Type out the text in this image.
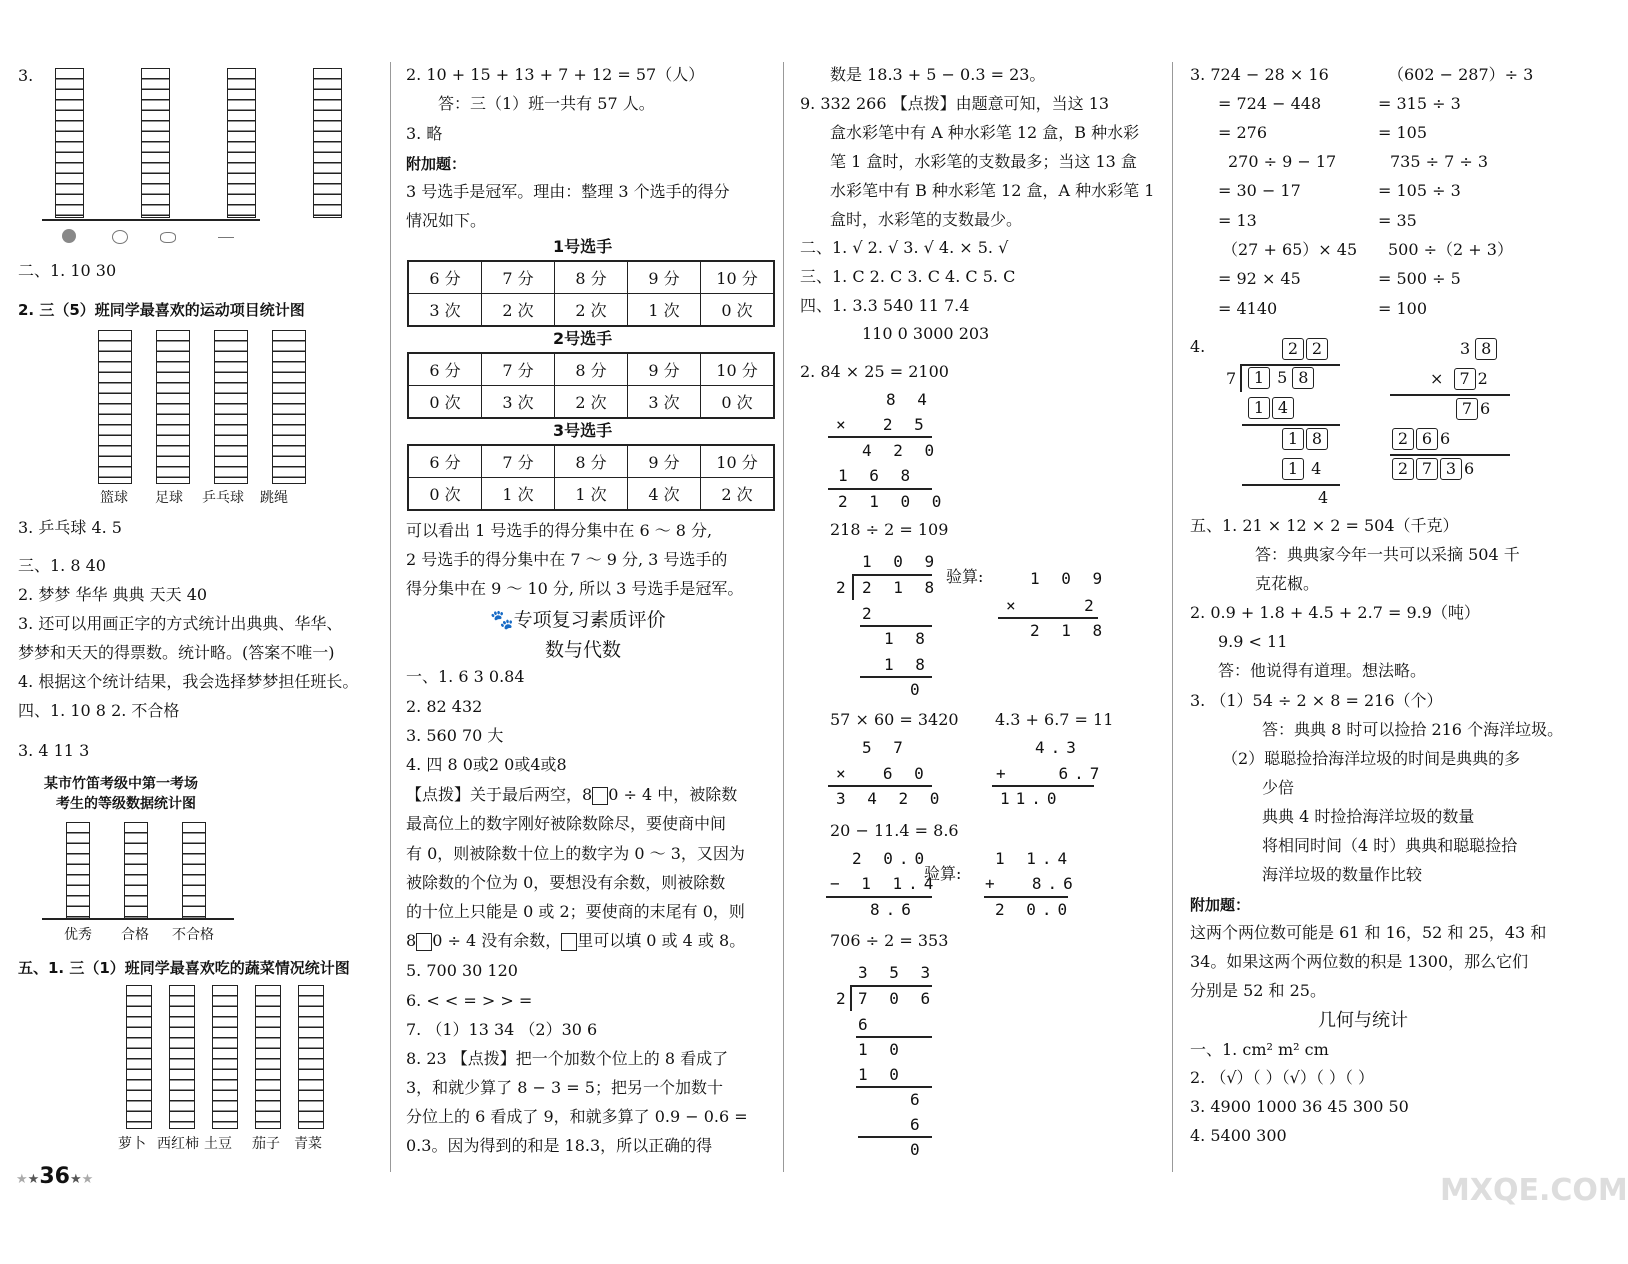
3.
二、1. 10 30
2. 三（5）班同学最喜欢的运动项目统计图
篮球 足球 乒乓球 跳绳
3. 乒乓球 4. 5
三、1. 8 40
2. 梦梦 华华 典典 天天 40
3. 还可以用画正字的方式统计出典典、华华、
梦梦和天天的得票数。统计略。(答案不唯一)
4. 根据这个统计结果，我会选择梦梦担任班长。
四、1. 10 8 2. 不合格
3. 4 11 3
某市竹笛考级中第一考场
考生的等级数据统计图
优秀 合格 不合格
五、1. 三（1）班同学最喜欢吃的蔬菜情况统计图
萝卜 西红柿 土豆 茄子 青菜
★★36★★
2. 10 + 15 + 13 + 7 + 12 = 57（人）
答：三（1）班一共有 57 人。
3. 略
附加题：
3 号选手是冠军。理由：整理 3 个选手的得分
情况如下。
1号选手
6 分	7 分	8 分	9 分	10 分
3 次	2 次	2 次	1 次	0 次
2号选手
6 分	7 分	8 分	9 分	10 分
0 次	3 次	2 次	3 次	0 次
3号选手
6 分	7 分	8 分	9 分	10 分
0 次	1 次	1 次	4 次	2 次
可以看出 1 号选手的得分集中在 6 ～ 8 分,
2 号选手的得分集中在 7 ～ 9 分, 3 号选手的
得分集中在 9 ～ 10 分, 所以 3 号选手是冠军。
🐾专项复习素质评价
数与代数
一、1. 6 3 0.84
2. 82 432
3. 560 70 大
4. 四 8 0或2 0或4或8
【点拨】关于最后两空，8 0 ÷ 4 中，被除数
最高位上的数字刚好被除数除尽，要使商中间
有 0，则被除数十位上的数字为 0 ～ 3，又因为
被除数的个位为 0，要想没有余数，则被除数
的十位上只能是 0 或 2；要使商的末尾有 0，则
8 0 ÷ 4 没有余数， 里可以填 0 或 4 或 8。
5. 700 30 120
6. < < = > > =
7. （1）13 34 （2）30 6
8. 23 【点拨】把一个加数个位上的 8 看成了
3，和就少算了 8 − 3 = 5；把另一个加数十
分位上的 6 看成了 9，和就多算了 0.9 − 0.6 =
0.3。因为得到的和是 18.3，所以正确的得
数是 18.3 + 5 − 0.3 = 23。
9. 332 266 【点拨】由题意可知，当这 13
盒水彩笔中有 A 种水彩笔 12 盒，B 种水彩
笔 1 盒时，水彩笔的支数最多；当这 13 盒
水彩笔中有 B 种水彩笔 12 盒，A 种水彩笔 1
盒时，水彩笔的支数最少。
二、1. √ 2. √ 3. √ 4. × 5. √
三、1. C 2. C 3. C 4. C 5. C
四、1. 3.3 540 11 7.4
110 0 3000 203
2. 84 × 25 = 2100
8 4
×  2 5
4 2 0
1 6 8
2 1 0 0
218 ÷ 2 = 109
1 0 9
2 2 1 8
2
1 8
1 8
0
验算:	1 0 9
×    2
2 1 8
57 × 60 = 3420 4.3 + 6.7 = 11
5 7
×  6 0
3 4 2 0
4.3
+   6.7
11.0
20 − 11.4 = 8.6
2 0.0
− 1 1.4
8.6
验算:
1 1.4
+  8.6
2 0.0
706 ÷ 2 = 353
3 5 3
2 7 0 6
6
1 0
1 0
6
6
0
3. 724 − 28 × 16	（602 − 287）÷ 3
= 724 − 448	= 315 ÷ 3
= 276	= 105
270 ÷ 9 − 17	735 ÷ 7 ÷ 3
= 30 − 17	= 105 ÷ 3
= 13	= 35
（27 + 65）× 45 500 ÷（2 + 3）
= 92 × 45	= 500 ÷ 5
= 4140	= 100
4.	2 2
7	1 5 8
1 4
1 8
1 4
4
3 8
×  7 2
7 6
2 6 6
2 7 3 6
五、1. 21 × 12 × 2 = 504（千克）
答：典典家今年一共可以采摘 504 千
克花椒。
2. 0.9 + 1.8 + 4.5 + 2.7 = 9.9（吨）
9.9 < 11
答：他说得有道理。想法略。
3. （1）54 ÷ 2 × 8 = 216（个）
答：典典 8 时可以捡拾 216 个海洋垃圾。
（2）聪聪捡拾海洋垃圾的时间是典典的多
少倍
典典 4 时捡拾海洋垃圾的数量
将相同时间（4 时）典典和聪聪捡拾
海洋垃圾的数量作比较
附加题：
这两个两位数可能是 61 和 16，52 和 25，43 和
34。如果这两个两位数的积是 1300，那么它们
分别是 52 和 25。
几何与统计
一、1. cm² m² cm
2. （√）（ ）（√）（ ）（ ）
3. 4900 1000 36 45 300 50
4. 5400 300
MXQE.COM
